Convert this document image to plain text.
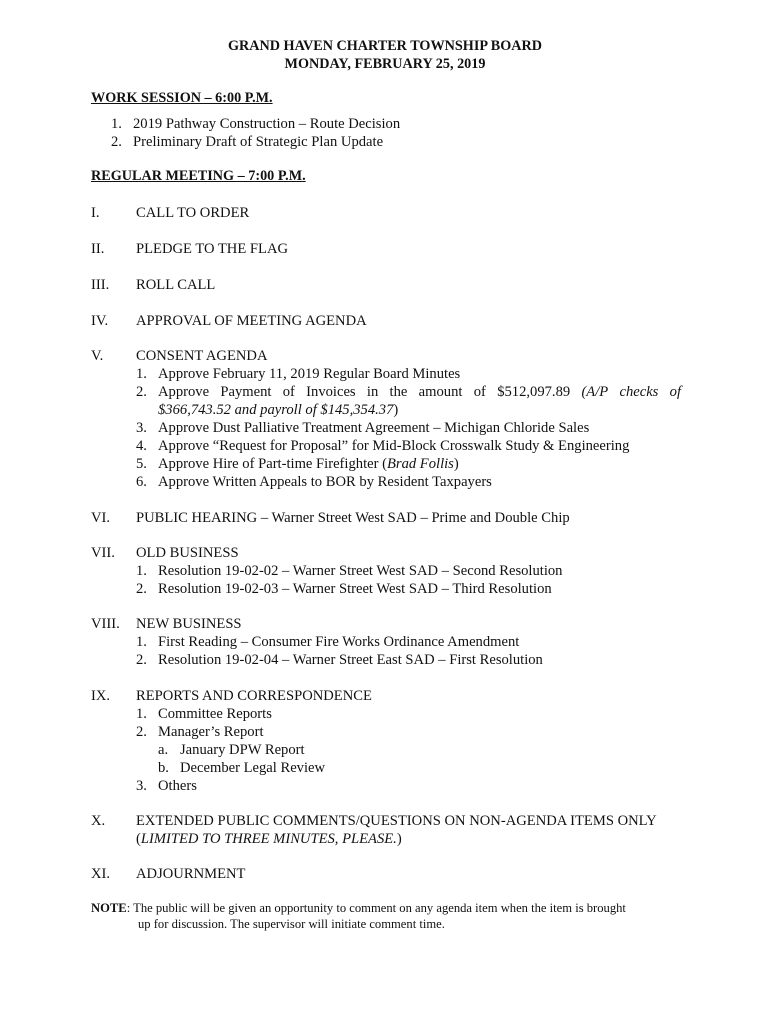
GRAND HAVEN CHARTER TOWNSHIP BOARD
MONDAY, FEBRUARY 25, 2019
WORK SESSION – 6:00 P.M.
1. 2019 Pathway Construction – Route Decision
2. Preliminary Draft of Strategic Plan Update
REGULAR MEETING – 7:00 P.M.
I. CALL TO ORDER
II. PLEDGE TO THE FLAG
III. ROLL CALL
IV. APPROVAL OF MEETING AGENDA
V. CONSENT AGENDA
1. Approve February 11, 2019 Regular Board Minutes
2. Approve Payment of Invoices in the amount of $512,097.89 (A/P checks of
$366,743.52 and payroll of $145,354.37)
3. Approve Dust Palliative Treatment Agreement – Michigan Chloride Sales
4. Approve “Request for Proposal” for Mid-Block Crosswalk Study & Engineering
5. Approve Hire of Part-time Firefighter (Brad Follis)
6. Approve Written Appeals to BOR by Resident Taxpayers
VI. PUBLIC HEARING – Warner Street West SAD – Prime and Double Chip
VII. OLD BUSINESS
1. Resolution 19-02-02 – Warner Street West SAD – Second Resolution
2. Resolution 19-02-03 – Warner Street West SAD – Third Resolution
VIII. NEW BUSINESS
1. First Reading – Consumer Fire Works Ordinance Amendment
2. Resolution 19-02-04 – Warner Street East SAD – First Resolution
IX. REPORTS AND CORRESPONDENCE
1. Committee Reports
2. Manager’s Report
a. January DPW Report
b. December Legal Review
3. Others
X. EXTENDED PUBLIC COMMENTS/QUESTIONS ON NON-AGENDA ITEMS ONLY
(LIMITED TO THREE MINUTES, PLEASE.)
XI. ADJOURNMENT
NOTE: The public will be given an opportunity to comment on any agenda item when the item is brought
up for discussion. The supervisor will initiate comment time.
